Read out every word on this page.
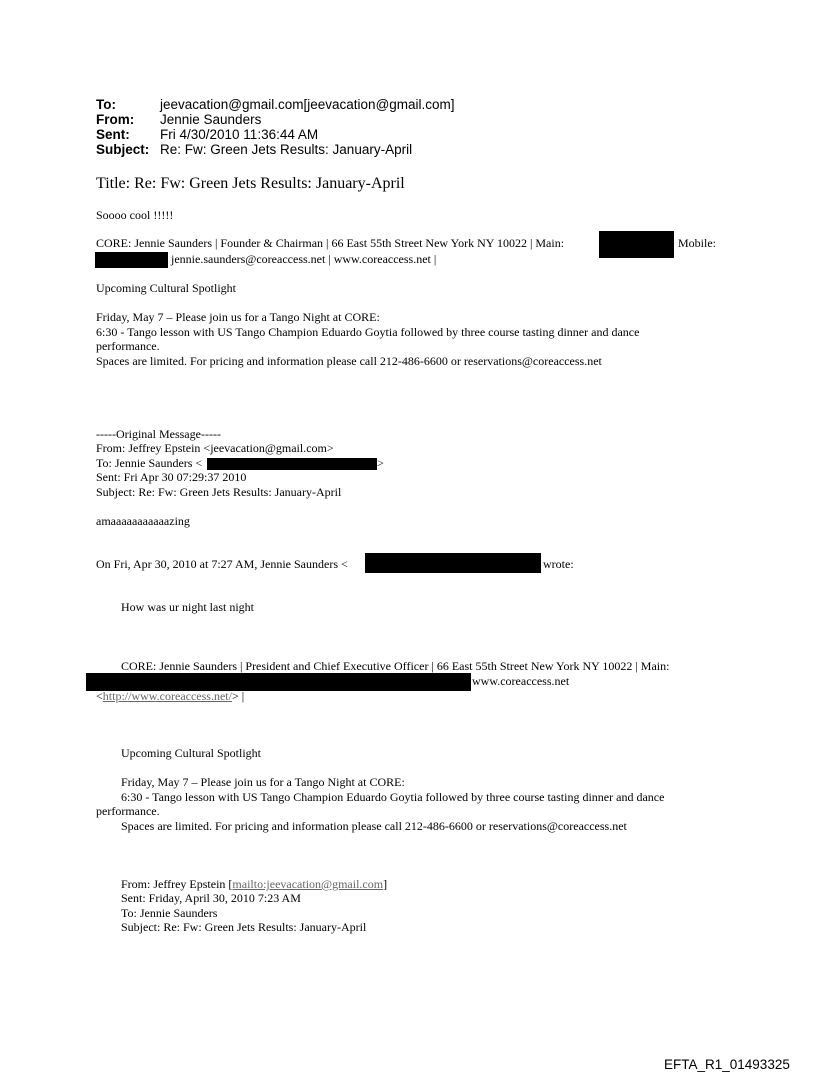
To:	jeevacation@gmail.com[jeevacation@gmail.com]
From: Jennie Saunders
Sent: Fri 4/30/2010 11:36:44 AM
Subject: Re: Fw: Green Jets Results: January-April
Title: Re: Fw: Green Jets Results: January-April
Soooo cool !!!!!
CORE: Jennie Saunders | Founder & Chairman | 66 East 55th Street New York NY 10022 | Main:	Mobile:
jennie.saunders@coreaccess.net | www.coreaccess.net |
Upcoming Cultural Spotlight
Friday, May 7 – Please join us for a Tango Night at CORE:
6:30 - Tango lesson with US Tango Champion Eduardo Goytia followed by three course tasting dinner and dance
performance.
Spaces are limited. For pricing and information please call 212-486-6600 or reservations@coreaccess.net
-----Original Message-----
From: Jeffrey Epstein <jeevacation@gmail.com>
To: Jennie Saunders <	>
Sent: Fri Apr 30 07:29:37 2010
Subject: Re: Fw: Green Jets Results: January-April
amaaaaaaaaaaazing
On Fri, Apr 30, 2010 at 7:27 AM, Jennie Saunders <	wrote:
How was ur night last night
CORE: Jennie Saunders | President and Chief Executive Officer | 66 East 55th Street New York NY 10022 | Main:
www.coreaccess.net
<http://www.coreaccess.net/> |
Upcoming Cultural Spotlight
Friday, May 7 – Please join us for a Tango Night at CORE:
6:30 - Tango lesson with US Tango Champion Eduardo Goytia followed by three course tasting dinner and dance
performance.
Spaces are limited. For pricing and information please call 212-486-6600 or reservations@coreaccess.net
From: Jeffrey Epstein [mailto:jeevacation@gmail.com]
Sent: Friday, April 30, 2010 7:23 AM
To: Jennie Saunders
Subject: Re: Fw: Green Jets Results: January-April
EFTA_R1_01493325
